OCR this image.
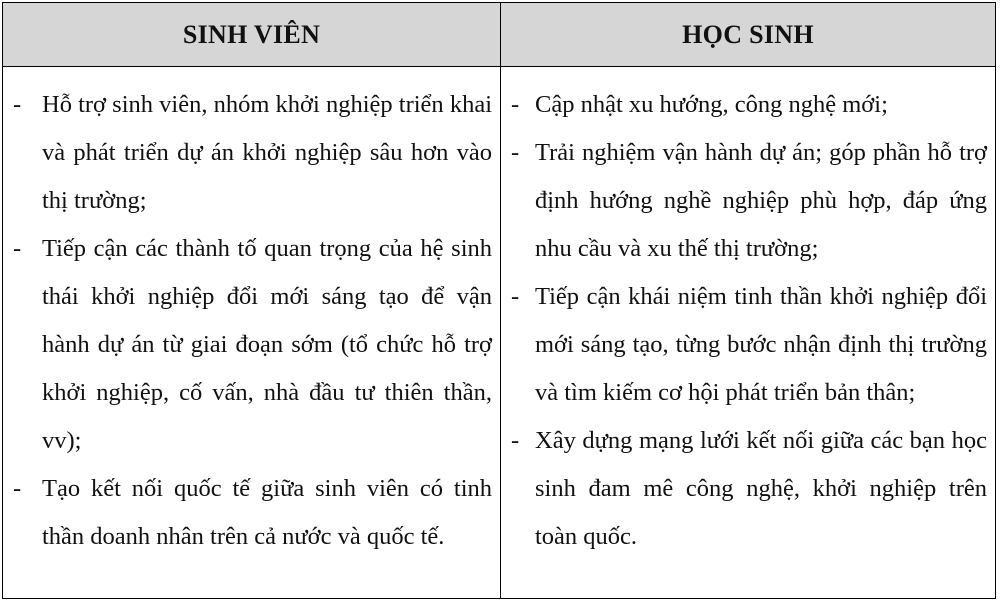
SINH VIÊN	HỌC SINH
- Hỗ trợ sinh viên, nhóm khởi nghiệp triển khai và phát triển dự án khởi nghiệp sâu hơn vào thị trường;
- Tiếp cận các thành tố quan trọng của hệ sinh thái khởi nghiệp đổi mới sáng tạo để vận hành dự án từ giai đoạn sớm (tổ chức hỗ trợ khởi nghiệp, cố vấn, nhà đầu tư thiên thần, vv);
- Tạo kết nối quốc tế giữa sinh viên có tinh thần doanh nhân trên cả nước và quốc tế.
- Cập nhật xu hướng, công nghệ mới;
- Trải nghiệm vận hành dự án; góp phần hỗ trợ định hướng nghề nghiệp phù hợp, đáp ứng nhu cầu và xu thế thị trường;
- Tiếp cận khái niệm tinh thần khởi nghiệp đổi mới sáng tạo, từng bước nhận định thị trường và tìm kiếm cơ hội phát triển bản thân;
- Xây dựng mạng lưới kết nối giữa các bạn học sinh đam mê công nghệ, khởi nghiệp trên toàn quốc.
